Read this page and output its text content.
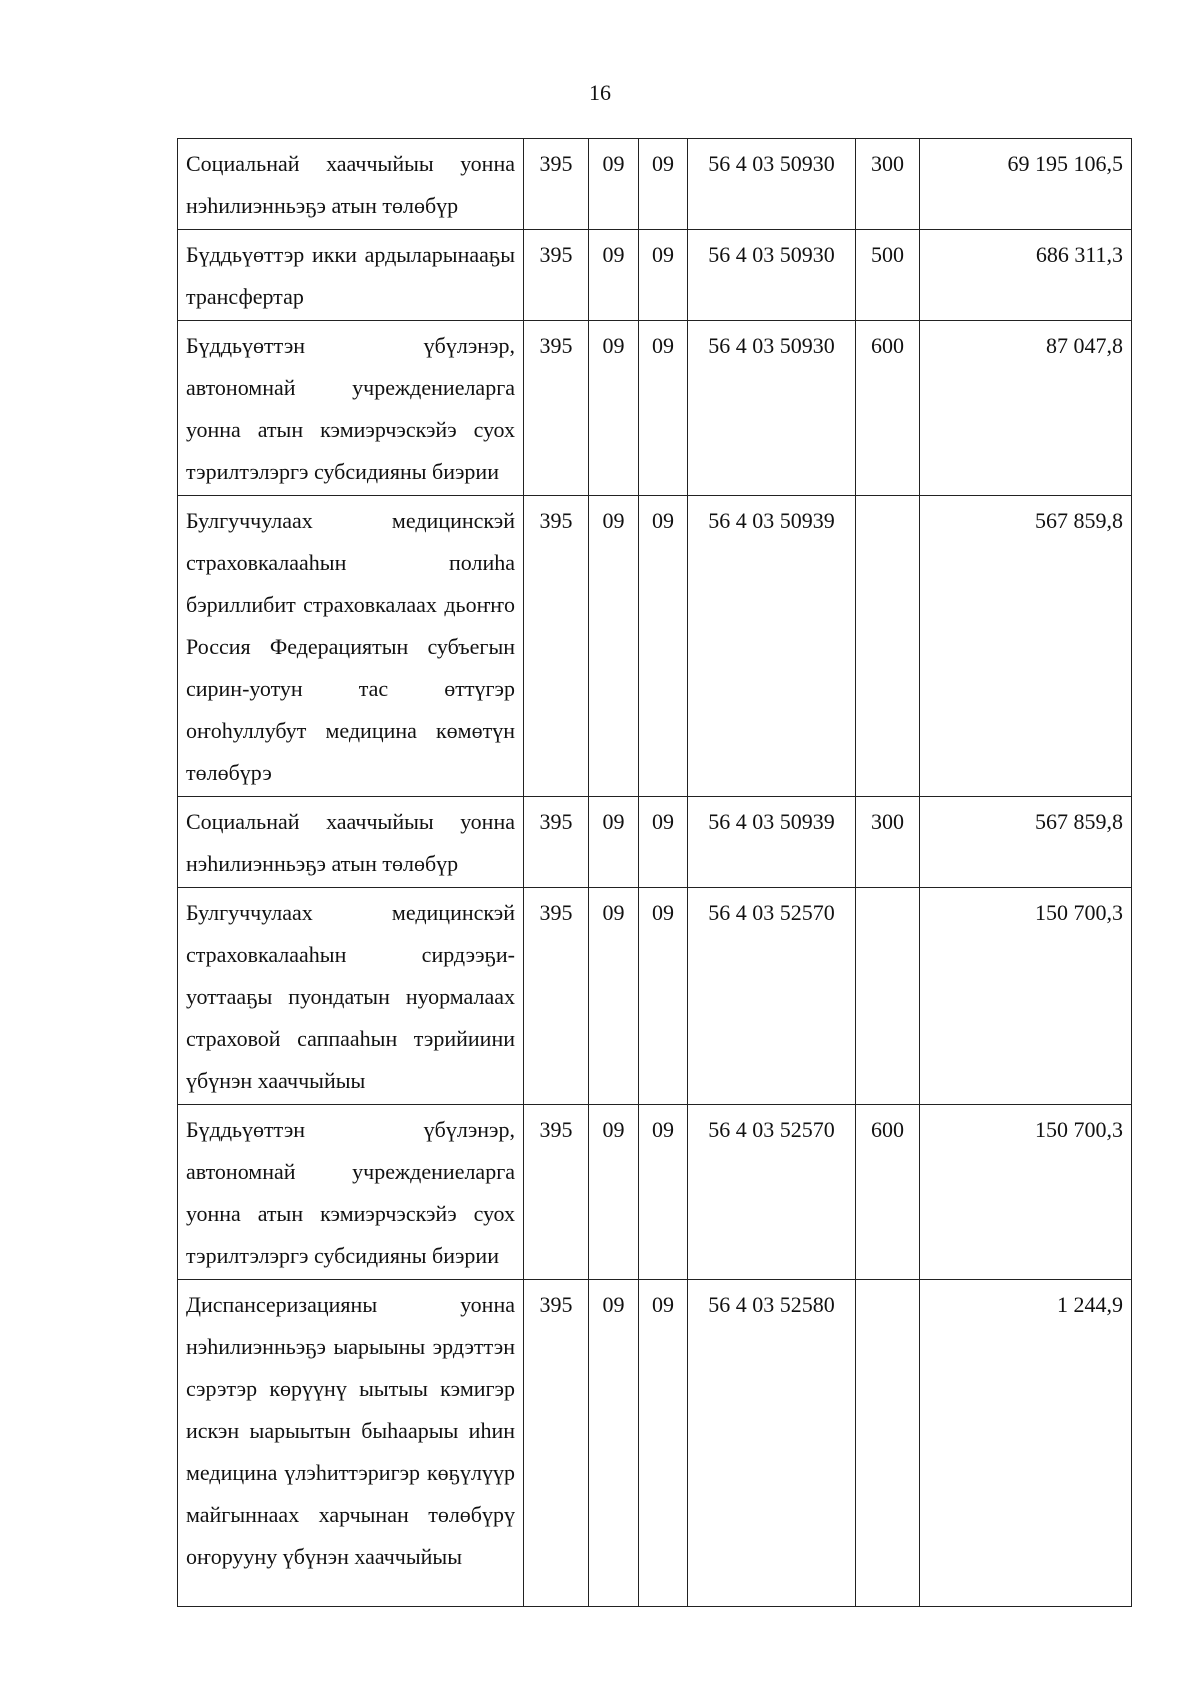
16
Социальнай хааччыйыы уонна нэһилиэнньэҕэ атын төлөбүр	395	09	09	56 4 03 50930	300	69 195 106,5
Бүддьүөттэр икки ардыларынааҕы трансфертар	395	09	09	56 4 03 50930	500	686 311,3
Бүддьүөттэн үбүлэнэр, автономнай учреждениеларга уонна атын кэмиэрчэскэйэ суох тэрилтэлэргэ субсидияны биэрии	395	09	09	56 4 03 50930	600	87 047,8
Булгуччулаах медицинскэй страховкалааһын полиһа бэриллибит страховкалаах дьоҥҥо Россия Федерациятын субъегын сирин-уотун тас өттүгэр оҥоһуллубут медицина көмөтүн төлөбүрэ	395	09	09	56 4 03 50939		567 859,8
Социальнай хааччыйыы уонна нэһилиэнньэҕэ атын төлөбүр	395	09	09	56 4 03 50939	300	567 859,8
Булгуччулаах медицинскэй страховкалааһын сирдээҕи-уоттааҕы пуондатын нуормалаах страховой саппааһын тэрийиини үбүнэн хааччыйыы	395	09	09	56 4 03 52570		150 700,3
Бүддьүөттэн үбүлэнэр, автономнай учреждениеларга уонна атын кэмиэрчэскэйэ суох тэрилтэлэргэ субсидияны биэрии	395	09	09	56 4 03 52570	600	150 700,3
Диспансеризацияны уонна нэһилиэнньэҕэ ыарыыны эрдэттэн сэрэтэр көрүүнү ыытыы кэмигэр искэн ыарыытын быһаарыы иһин медицина үлэһиттэригэр көҕүлүүр майгыннаах харчынан төлөбүрү оҥорууну үбүнэн хааччыйыы	395	09	09	56 4 03 52580		1 244,9
